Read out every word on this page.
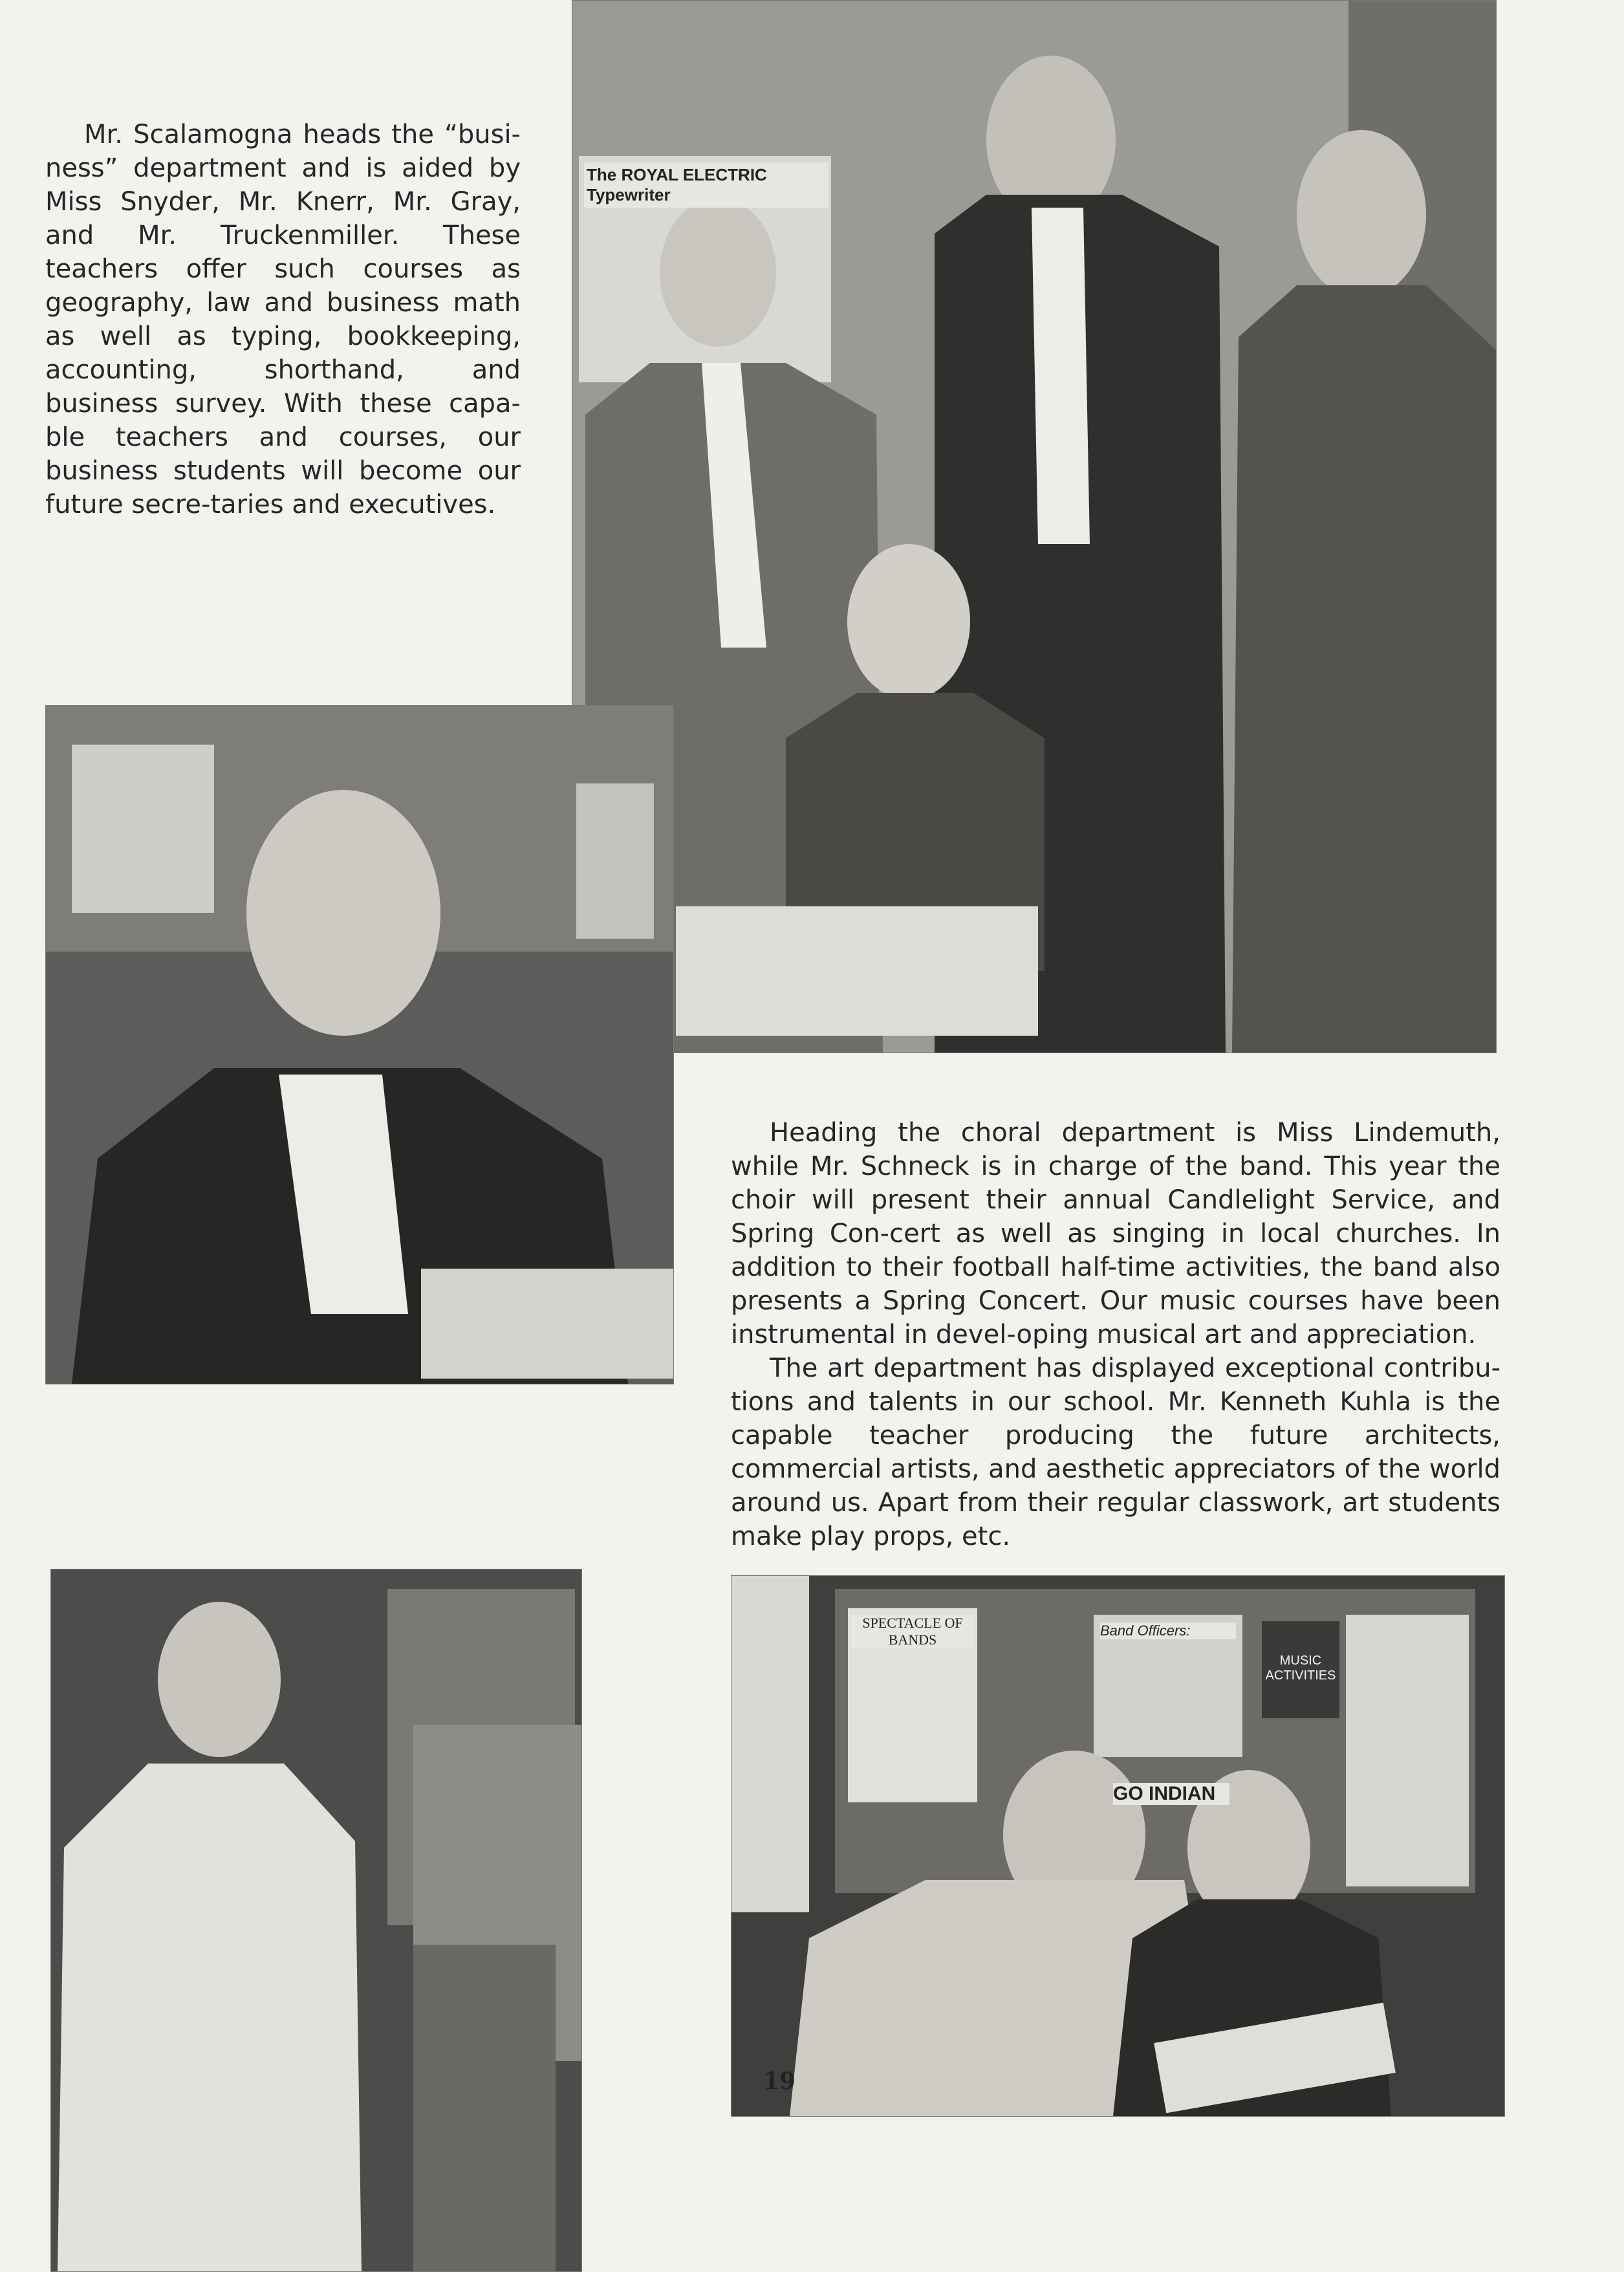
Mr. Scalamogna heads the “busi-ness” department and is aided by Miss Snyder, Mr. Knerr, Mr. Gray, and Mr. Truckenmiller. These teachers offer such courses as geography, law and business math as well as typing, bookkeeping, accounting, shorthand, and business survey. With these capa-ble teachers and courses, our business students will become our future secre-taries and executives.

The ROYAL ELECTRIC Typewriter

Heading the choral department is Miss Lindemuth, while Mr. Schneck is in charge of the band. This year the choir will present their annual Candlelight Service, and Spring Con-cert as well as singing in local churches. In addition to their football half-time activities, the band also presents a Spring Concert. Our music courses have been instrumental in devel-oping musical art and appreciation.

The art department has displayed exceptional contribu-tions and talents in our school. Mr. Kenneth Kuhla is the capable teacher producing the future architects, commercial artists, and aesthetic appreciators of the world around us. Apart from their regular classwork, art students make play props, etc.

SPECTACLE OF BANDS
Band Officers:
GO INDIAN
MUSIC ACTIVITIES
19
